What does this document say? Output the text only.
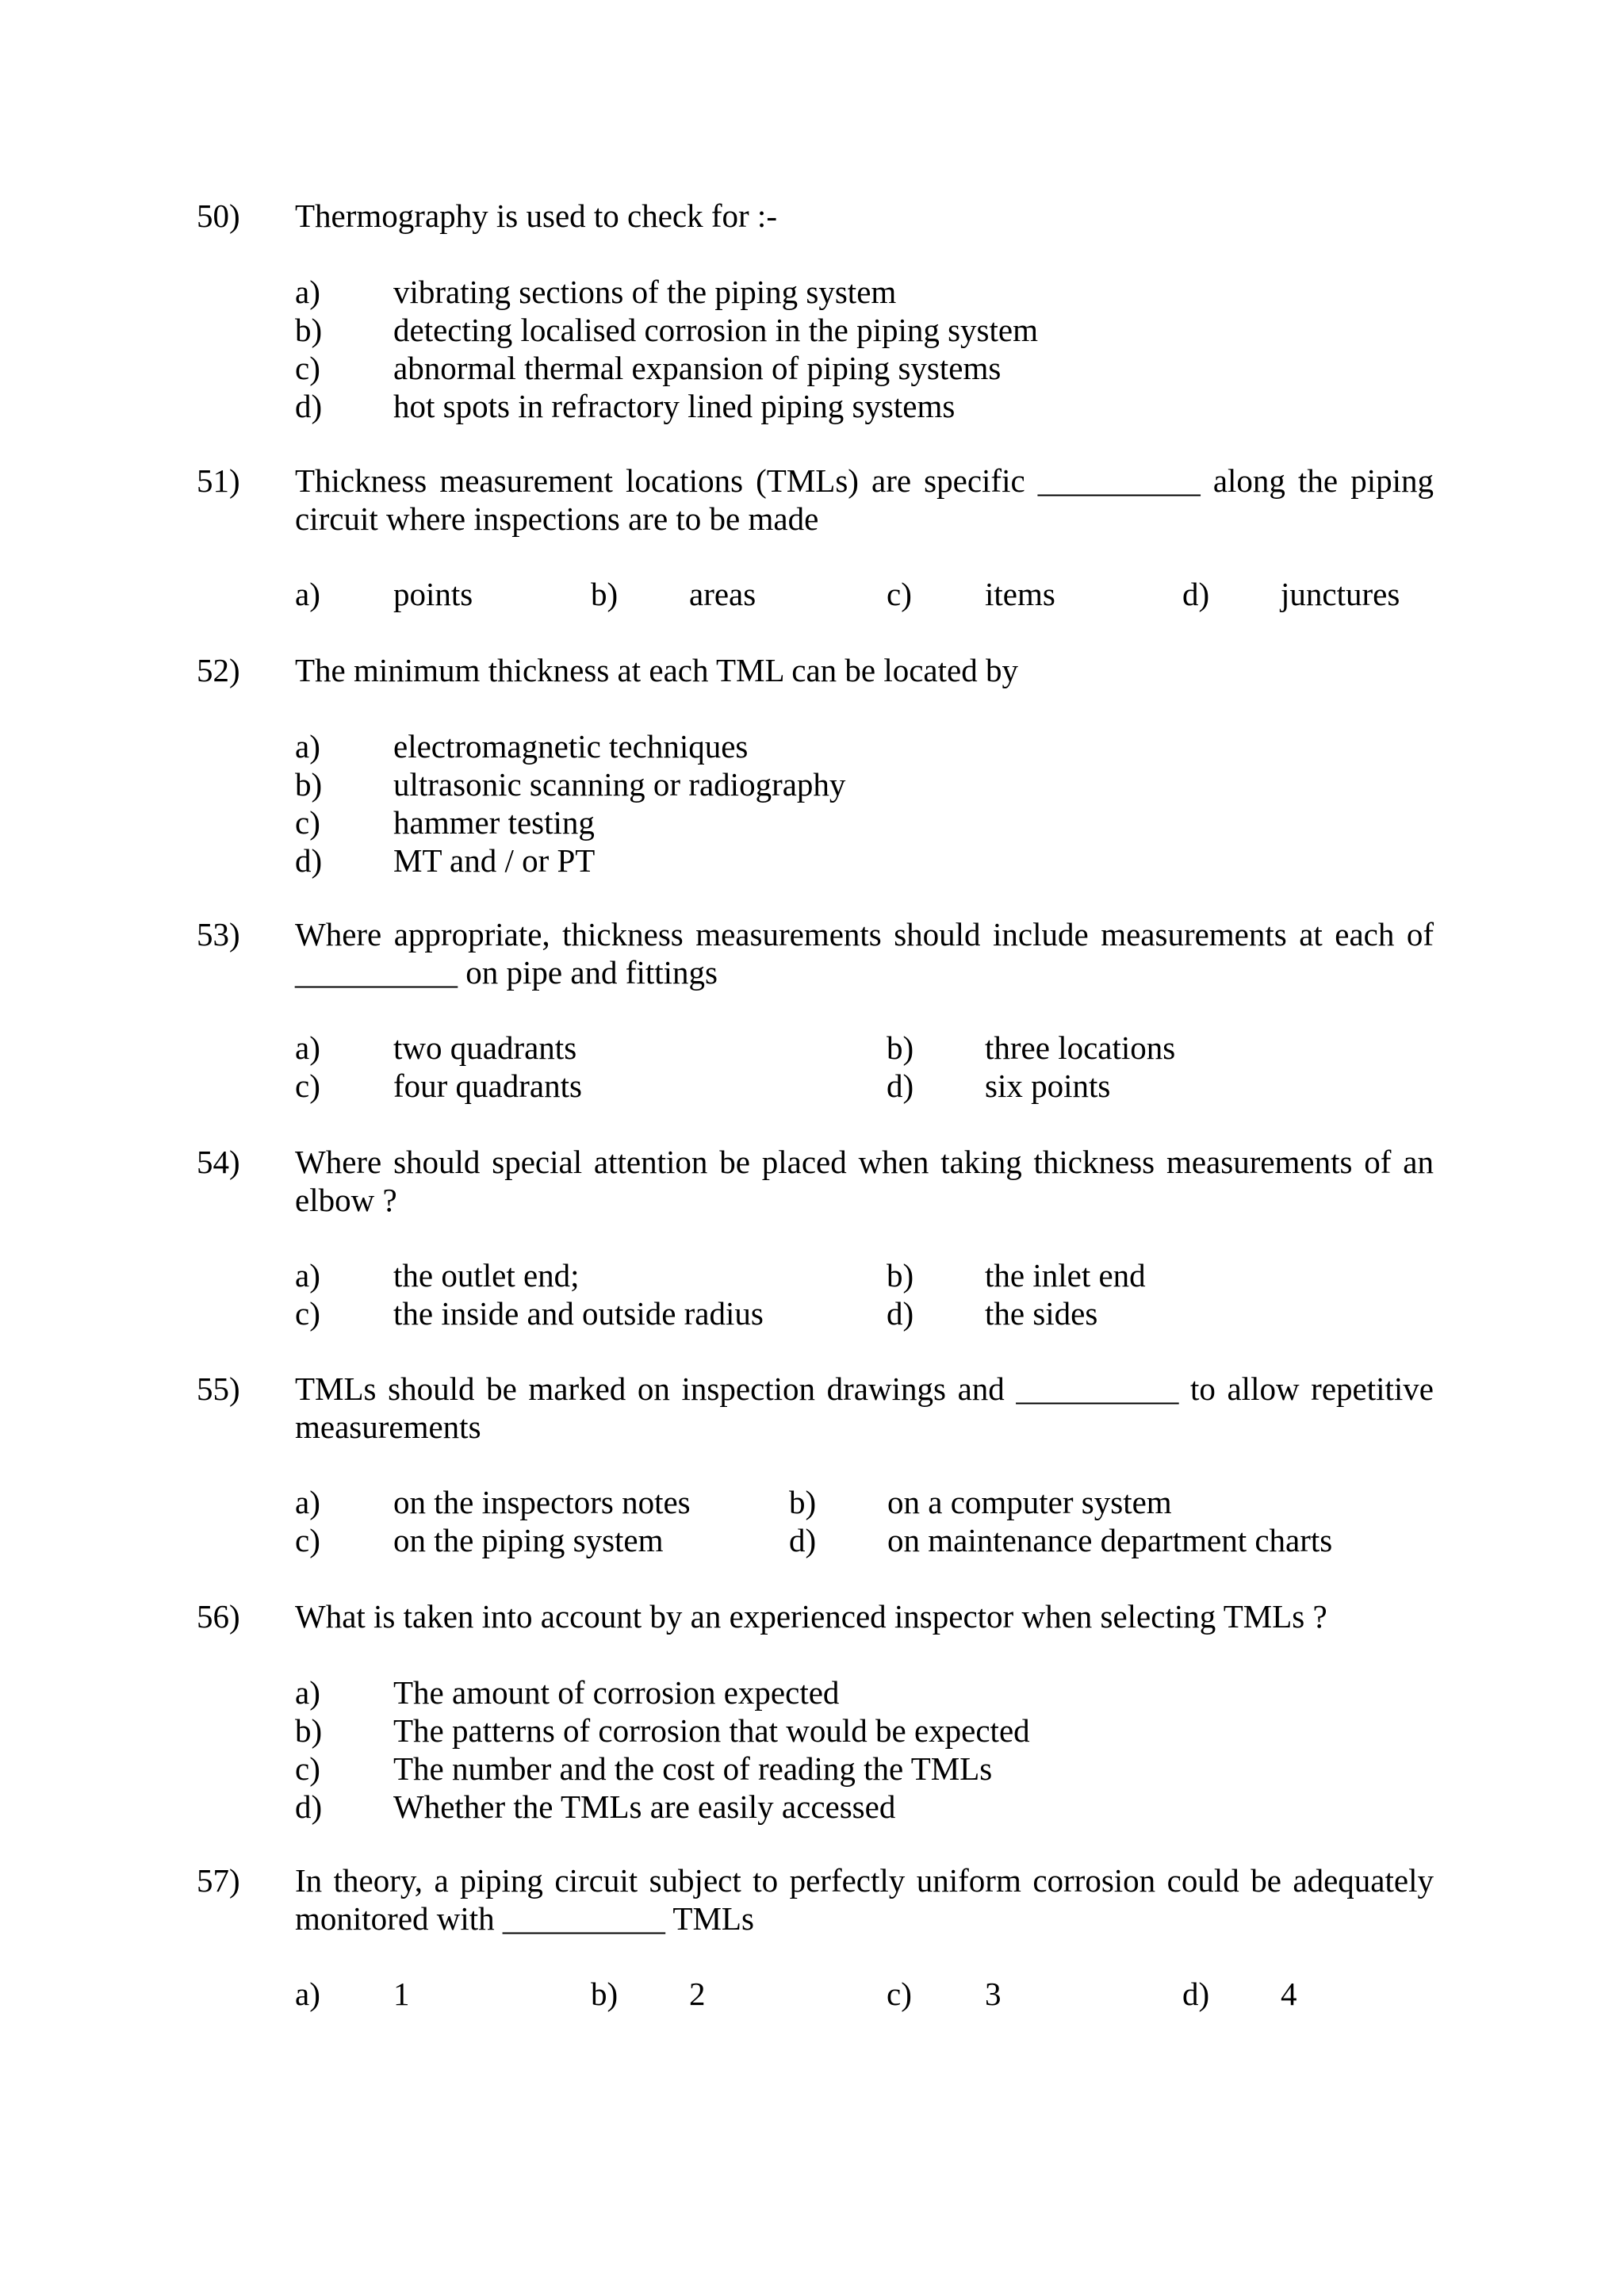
50)	Thermography is used to check for :-
a) vibrating sections of the piping system
b) detecting localised corrosion in the piping system
c) abnormal thermal expansion of piping systems
d) hot spots in refractory lined piping systems
51)	Thickness measurement locations (TMLs) are specific __________ along the piping circuit where inspections are to be made
a) points	b) areas	c) items	d) junctures
52)	The minimum thickness at each TML can be located by
a) electromagnetic techniques
b) ultrasonic scanning or radiography
c) hammer testing
d) MT and / or PT
53)	Where appropriate, thickness measurements should include measurements at each of __________ on pipe and fittings
a) two quadrants	b) three locations
c) four quadrants	d) six points
54)	Where should special attention be placed when taking thickness measurements of an elbow ?
a) the outlet end;	b) the inlet end
c) the inside and outside radius	d) the sides
55)	TMLs should be marked on inspection drawings and __________ to allow repetitive measurements
a) on the inspectors notes	b) on a computer system
c) on the piping system	d) on maintenance department charts
56)	What is taken into account by an experienced inspector when selecting TMLs ?
a) The amount of corrosion expected
b) The patterns of corrosion that would be expected
c) The number and the cost of reading the TMLs
d) Whether the TMLs are easily accessed
57)	In theory, a piping circuit subject to perfectly uniform corrosion could be adequately monitored with __________ TMLs
a) 1	b) 2	c) 3	d) 4
